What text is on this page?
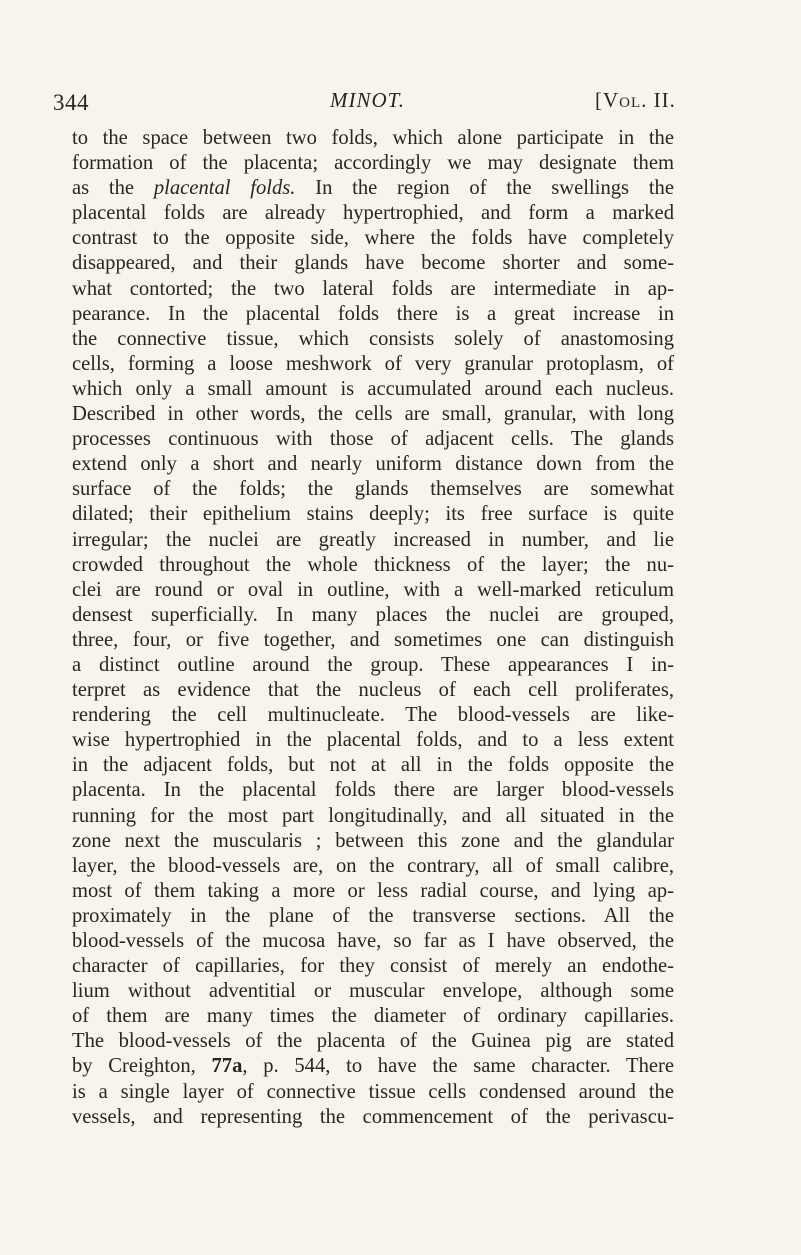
344	MINOT.	[Vol. II.
to the space between two folds, which alone participate in the
formation of the placenta; accordingly we may designate them
as the placental folds. In the region of the swellings the
placental folds are already hypertrophied, and form a marked
contrast to the opposite side, where the folds have completely
disappeared, and their glands have become shorter and some-
what contorted; the two lateral folds are intermediate in ap-
pearance. In the placental folds there is a great increase in
the connective tissue, which consists solely of anastomosing
cells, forming a loose meshwork of very granular protoplasm, of
which only a small amount is accumulated around each nucleus.
Described in other words, the cells are small, granular, with long
processes continuous with those of adjacent cells. The glands
extend only a short and nearly uniform distance down from the
surface of the folds; the glands themselves are somewhat
dilated; their epithelium stains deeply; its free surface is quite
irregular; the nuclei are greatly increased in number, and lie
crowded throughout the whole thickness of the layer; the nu-
clei are round or oval in outline, with a well-marked reticulum
densest superficially. In many places the nuclei are grouped,
three, four, or five together, and sometimes one can distinguish
a distinct outline around the group. These appearances I in-
terpret as evidence that the nucleus of each cell proliferates,
rendering the cell multinucleate. The blood-vessels are like-
wise hypertrophied in the placental folds, and to a less extent
in the adjacent folds, but not at all in the folds opposite the
placenta. In the placental folds there are larger blood-vessels
running for the most part longitudinally, and all situated in the
zone next the muscularis ; between this zone and the glandular
layer, the blood-vessels are, on the contrary, all of small calibre,
most of them taking a more or less radial course, and lying ap-
proximately in the plane of the transverse sections. All the
blood-vessels of the mucosa have, so far as I have observed, the
character of capillaries, for they consist of merely an endothe-
lium without adventitial or muscular envelope, although some
of them are many times the diameter of ordinary capillaries.
The blood-vessels of the placenta of the Guinea pig are stated
by Creighton, 77a, p. 544, to have the same character. There
is a single layer of connective tissue cells condensed around the
vessels, and representing the commencement of the perivascu-
